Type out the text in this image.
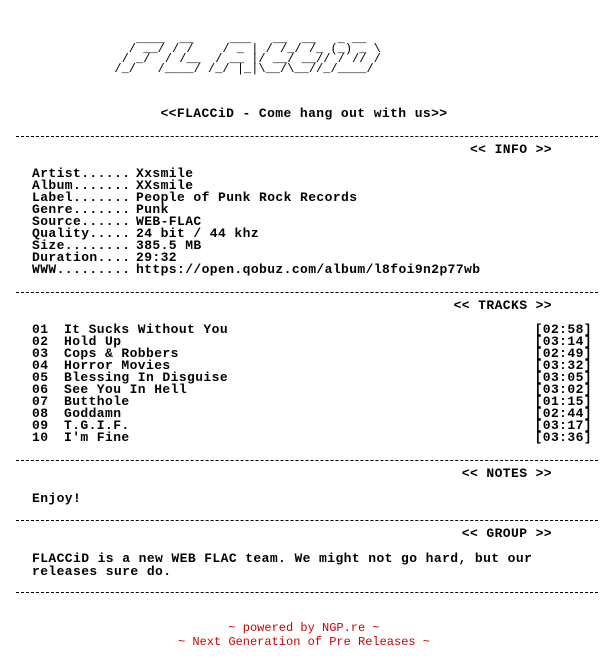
____  __     ___   __  __   _ __
/ __/ / /    / _ | / /_/ /_ (_) _ \
/ _/  / /__  / __ |/ __/ __// / // /
/_/   /____/ /_/ |_|\__/\__//_/____/
<<FLACCiD - Come hang out with us>>
<< INFO >>
Artist...... Xxsmile
Album....... XXsmile
Label....... People of Punk Rock Records
Genre....... Punk
Source...... WEB-FLAC
Quality..... 24 bit / 44 khz
Size........ 385.5 MB
Duration.... 29:32
WWW......... https://open.qobuz.com/album/l8foi9n2p77wb
<< TRACKS >>
01 It Sucks Without You	[02:58]
02 Hold Up	[03:14]
03 Cops & Robbers	[02:49]
04 Horror Movies	[03:32]
05 Blessing In Disguise	[03:05]
06 See You In Hell	[03:02]
07 Butthole	[01:15]
08 Goddamn	[02:44]
09 T.G.I.F.	[03:17]
10 I'm Fine	[03:36]
<< NOTES >>
Enjoy!
<< GROUP >>
FLACCiD is a new WEB FLAC team. We might not go hard, but our releases sure do.
~ powered by NGP.re ~
~ Next Generation of Pre Releases ~
